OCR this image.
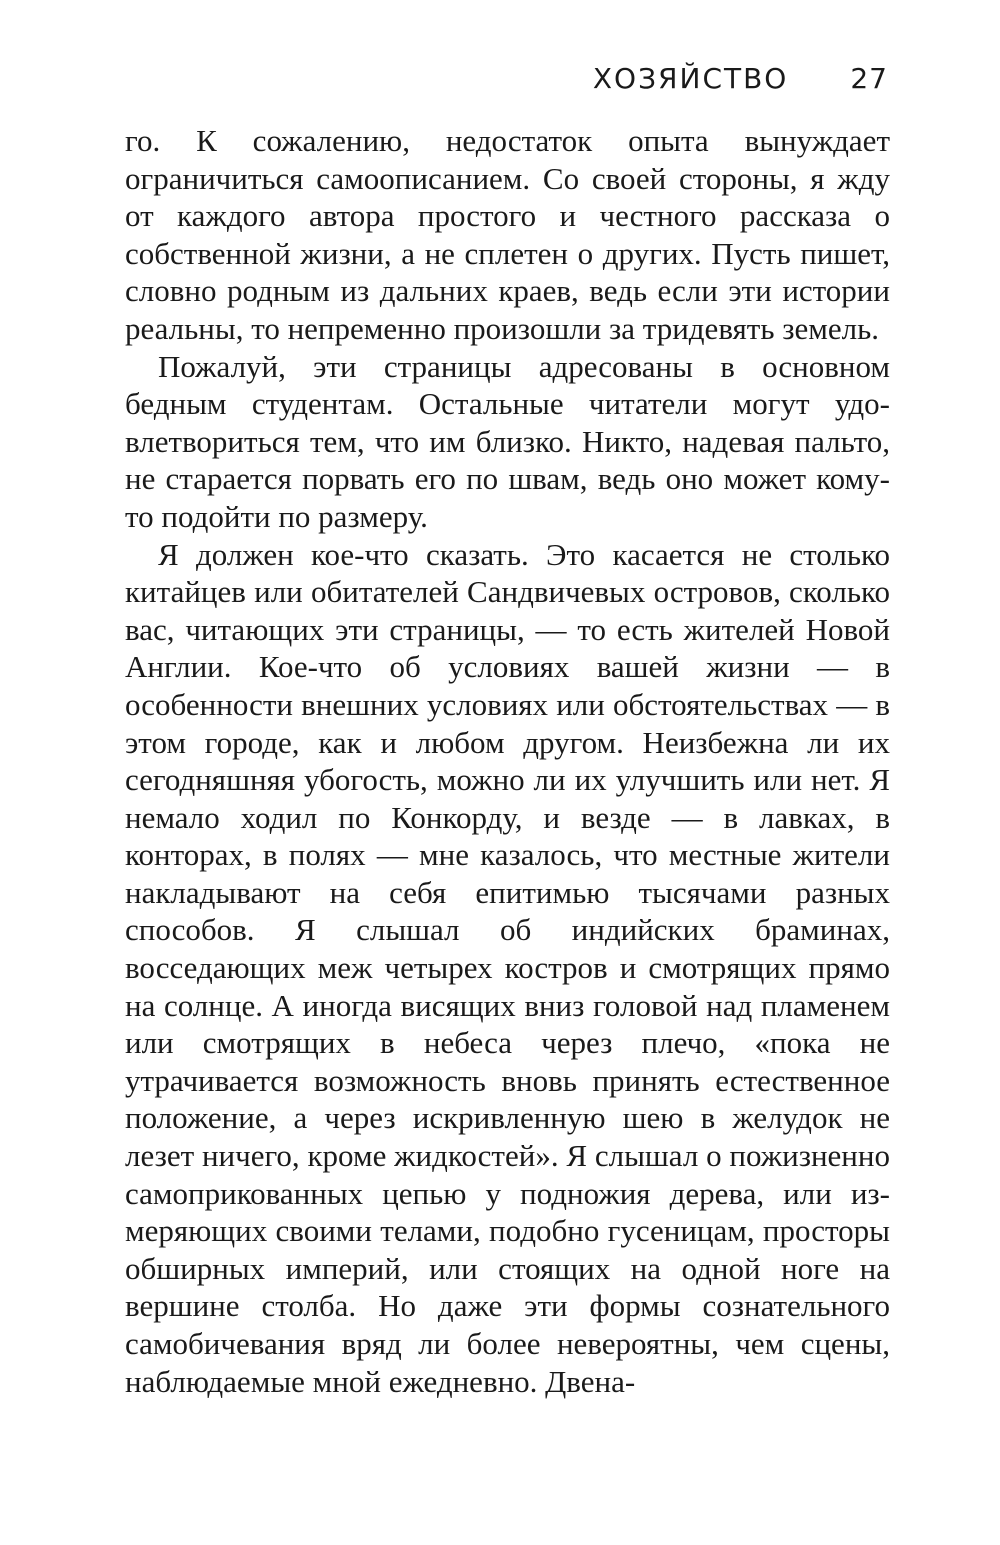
ХОЗЯЙСТВО 27

го. К сожалению, недостаток опыта вынуждает ограничиться самоописанием. Со своей стороны, я жду от каждого автора простого и честного рассказа о собственной жизни, а не сплетен о других. Пусть пишет, словно родным из дальних краев, ведь если эти истории реальны, то непременно произошли за тридевять земель.

Пожалуй, эти страницы адресованы в основном бедным студентам. Остальные читатели могут удовлетвориться тем, что им близко. Никто, надевая пальто, не старается порвать его по швам, ведь оно может кому-то подойти по размеру.

Я должен кое-что сказать. Это касается не столько китайцев или обитателей Сандвичевых островов, сколько вас, читающих эти страницы, — то есть жителей Новой Англии. Кое-что об условиях вашей жизни — в особенности внешних условиях или обстоятельствах — в этом городе, как и любом другом. Неизбежна ли их сегодняшняя убогость, можно ли их улучшить или нет. Я немало ходил по Конкорду, и везде — в лавках, в конторах, в полях — мне казалось, что местные жители накладывают на себя епитимью тысячами разных способов. Я слышал об индийских браминах, восседающих меж четырех костров и смотрящих прямо на солнце. А иногда висящих вниз головой над пламенем или смотрящих в небеса через плечо, «пока не утрачивается возможность вновь принять естественное положение, а через искривленную шею в желудок не лезет ничего, кроме жидкостей». Я слышал о пожизненно самоприкованных цепью у подножия дерева, или измеряющих своими телами, подобно гусеницам, просторы обширных империй, или стоящих на одной ноге на вершине столба. Но даже эти формы сознательного самобичевания вряд ли более невероятны, чем сцены, наблюдаемые мной ежедневно. Двена-
